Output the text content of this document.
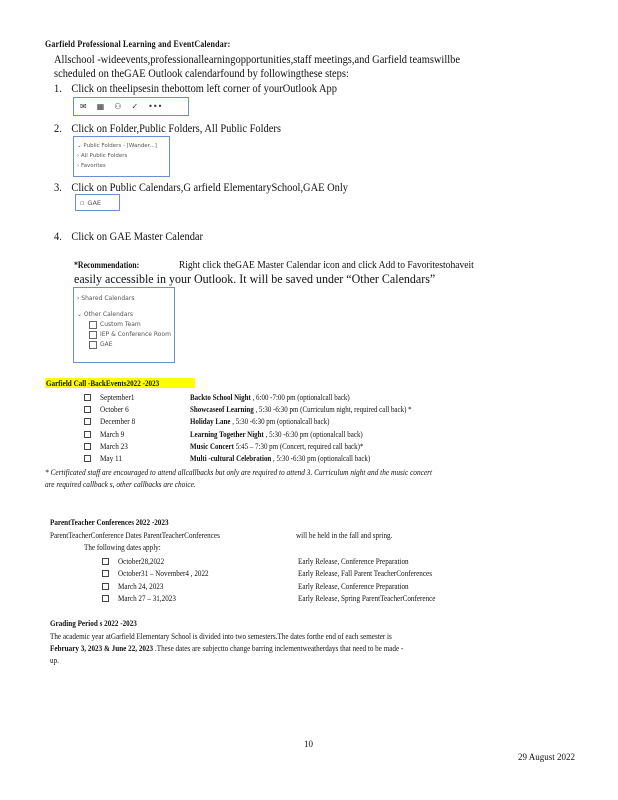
Garfield Professional Learning and EventCalendar:
Allschool -wideevents,professionallearningopportunities,staff meetings,and Garfield teamswillbe
scheduled on theGAE Outlook calendarfound by followingthese steps:
1. Click on theelipsesin thebottom left corner of yourOutlook App
✉ ▦ ⚇ ✓ •••
2. Click on Folder,Public Folders, All Public Folders
⌄ Public Folders - [Wander...]
› All Public Folders
› Favorites
3. Click on Public Calendars,G arfield ElementarySchool,GAE Only
▫ GAE
4. Click on GAE Master Calendar
*Recommendation:	Right click theGAE Master Calendar icon and click Add to Favoritestohaveit
easily accessible in your Outlook. It will be saved under “Other Calendars”
› Shared Calendars
⌄ Other Calendars
Custom Team
IEP & Conference Room
GAE
Garfield Call -BackEvents2022 -2023
September1	Backto School Night , 6:00 -7:00 pm (optionalcall back)
October 6	Showcaseof Learning , 5:30 -6:30 pm (Curriculum night, required call back) *
December 8	Holiday Lane , 5:30 -6:30 pm (optionalcall back)
March 9	Learning Together Night , 5:30 -6:30 pm (optionalcall back)
March 23	Music Concert 5:45 – 7:30 pm (Concert, required call back)*
May 11	Multi -cultural Celebration , 5:30 -6:30 pm (optionalcall back)
* Certificated staff are encouraged to attend allcallbacks but only are required to attend 3. Curriculum night and the music concert
are required callback s, other callbacks are choice.
ParentTeacher Conferences 2022 -2023
ParentTeacherConference Dates ParentTeacherConferences	will be held in the fall and spring.
The following dates apply:
October28,2022	Early Release, Conference Preparation
October31 – November4 , 2022	Early Release, Fall Parent TeacherConferences
March 24, 2023	Early Release, Conference Preparation
March 27 – 31,2023	Early Release, Spring ParentTeacherConference
Grading Period s 2022 -2023
The academic year atGarfield Elementary School is divided into two semesters.The dates forthe end of each semester is
February 3, 2023 & June 22, 2023 .These dates are subjectto change barring inclementweatherdays that need to be made -
up.
10
29 August 2022
